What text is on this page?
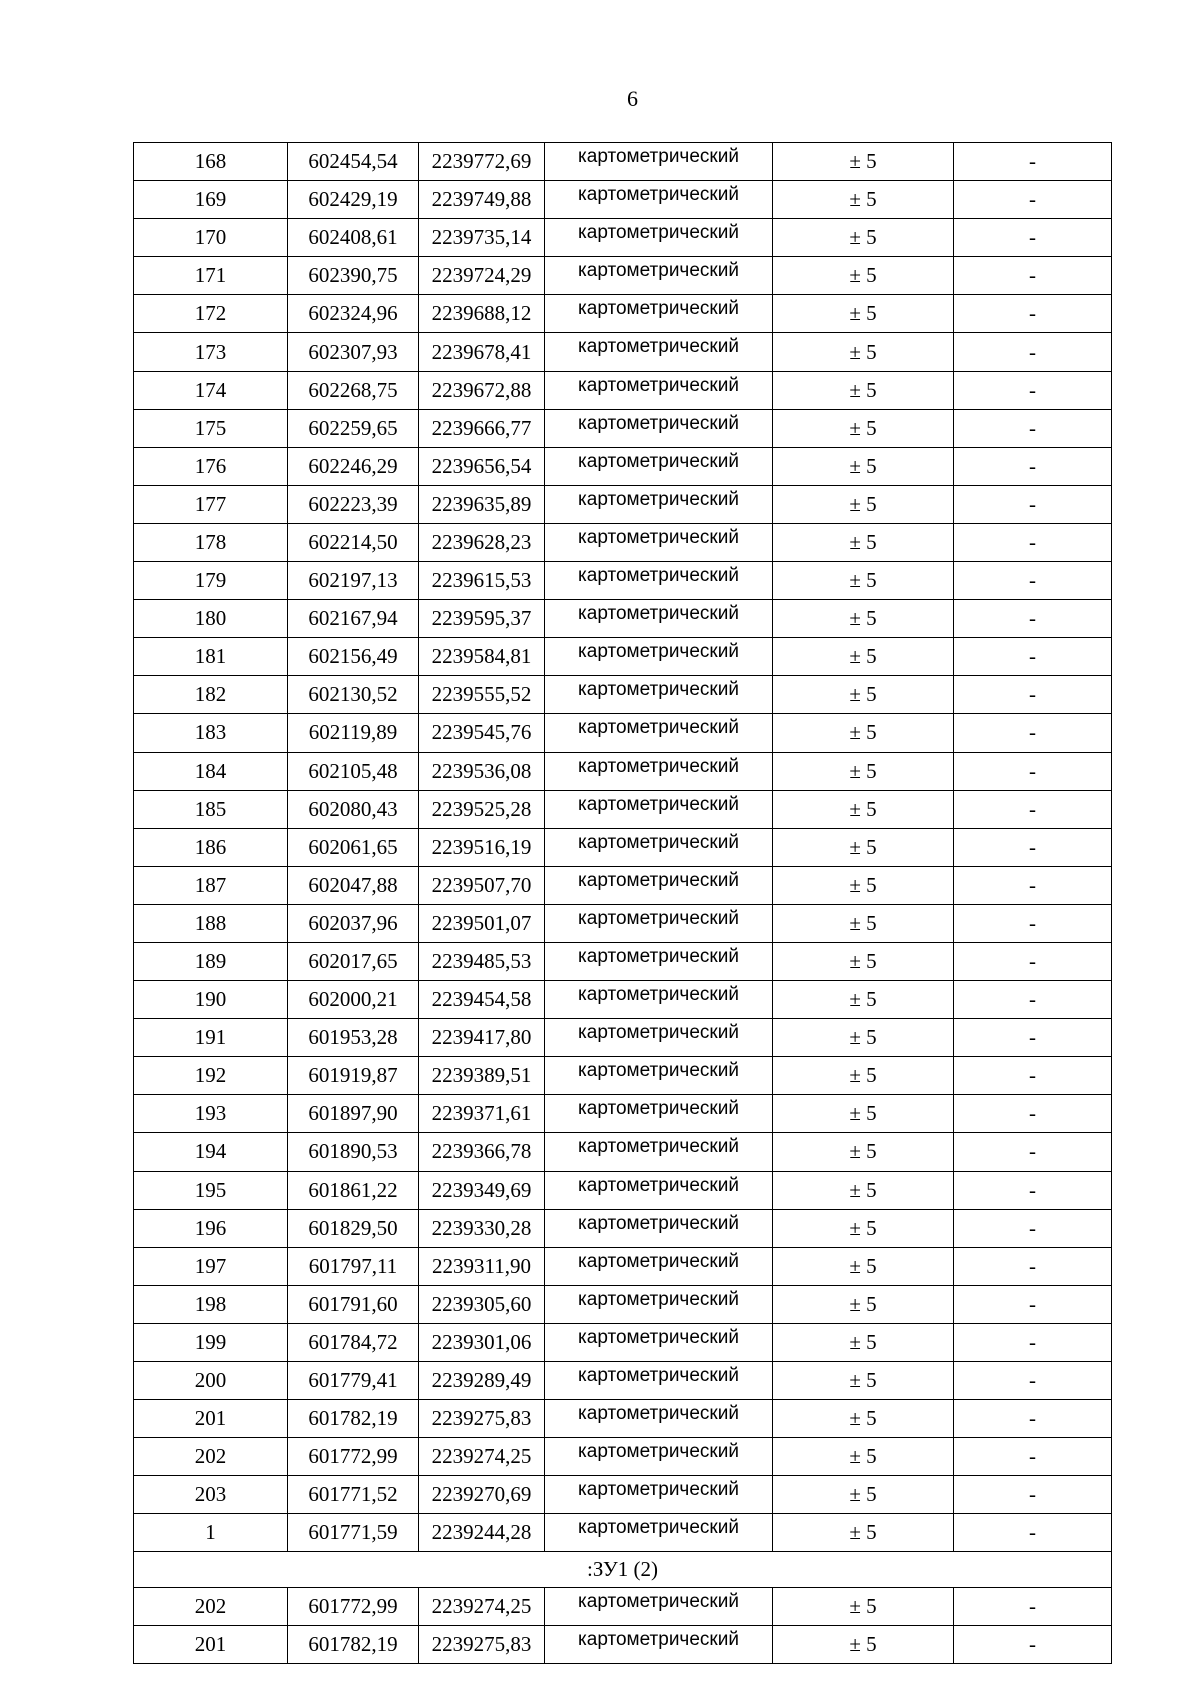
6
168	602454,54	2239772,69	картометрический	± 5	-
169	602429,19	2239749,88	картометрический	± 5	-
170	602408,61	2239735,14	картометрический	± 5	-
171	602390,75	2239724,29	картометрический	± 5	-
172	602324,96	2239688,12	картометрический	± 5	-
173	602307,93	2239678,41	картометрический	± 5	-
174	602268,75	2239672,88	картометрический	± 5	-
175	602259,65	2239666,77	картометрический	± 5	-
176	602246,29	2239656,54	картометрический	± 5	-
177	602223,39	2239635,89	картометрический	± 5	-
178	602214,50	2239628,23	картометрический	± 5	-
179	602197,13	2239615,53	картометрический	± 5	-
180	602167,94	2239595,37	картометрический	± 5	-
181	602156,49	2239584,81	картометрический	± 5	-
182	602130,52	2239555,52	картометрический	± 5	-
183	602119,89	2239545,76	картометрический	± 5	-
184	602105,48	2239536,08	картометрический	± 5	-
185	602080,43	2239525,28	картометрический	± 5	-
186	602061,65	2239516,19	картометрический	± 5	-
187	602047,88	2239507,70	картометрический	± 5	-
188	602037,96	2239501,07	картометрический	± 5	-
189	602017,65	2239485,53	картометрический	± 5	-
190	602000,21	2239454,58	картометрический	± 5	-
191	601953,28	2239417,80	картометрический	± 5	-
192	601919,87	2239389,51	картометрический	± 5	-
193	601897,90	2239371,61	картометрический	± 5	-
194	601890,53	2239366,78	картометрический	± 5	-
195	601861,22	2239349,69	картометрический	± 5	-
196	601829,50	2239330,28	картометрический	± 5	-
197	601797,11	2239311,90	картометрический	± 5	-
198	601791,60	2239305,60	картометрический	± 5	-
199	601784,72	2239301,06	картометрический	± 5	-
200	601779,41	2239289,49	картометрический	± 5	-
201	601782,19	2239275,83	картометрический	± 5	-
202	601772,99	2239274,25	картометрический	± 5	-
203	601771,52	2239270,69	картометрический	± 5	-
1	601771,59	2239244,28	картометрический	± 5	-
:ЗУ1 (2)					
202	601772,99	2239274,25	картометрический	± 5	-
201	601782,19	2239275,83	картометрический	± 5	-
